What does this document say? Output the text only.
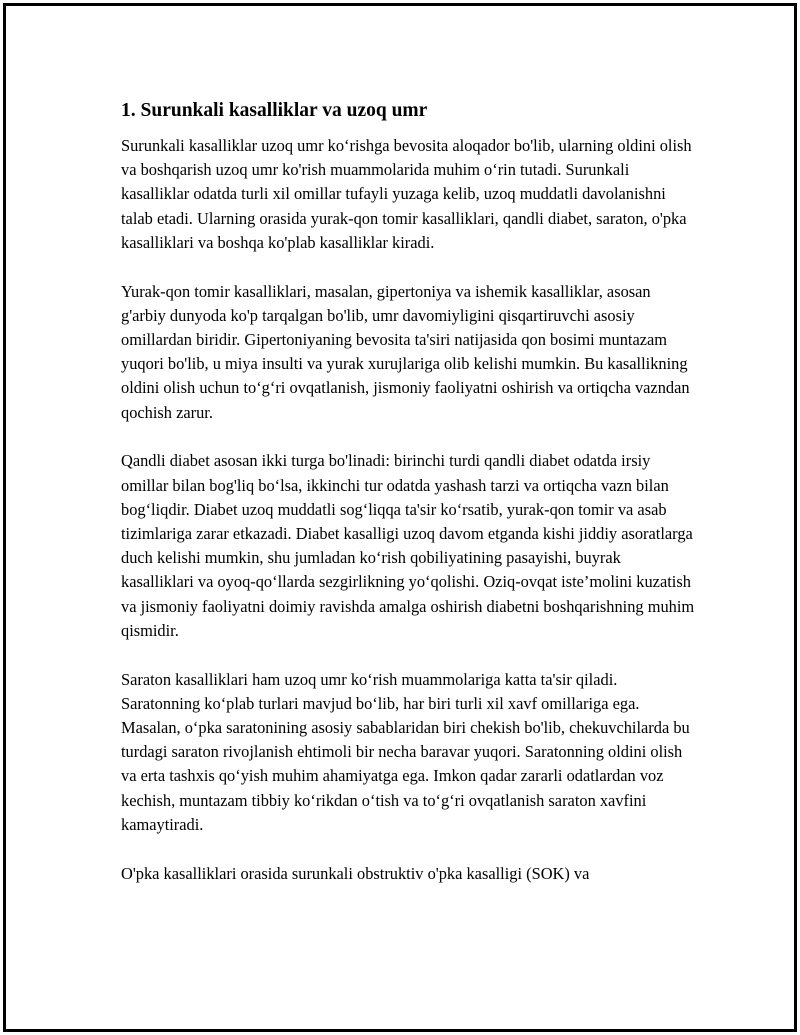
1. Surunkali kasalliklar va uzoq umr

Surunkali kasalliklar uzoq umr ko‘rishga bevosita aloqador bo'lib, ularning oldini olish va boshqarish uzoq umr ko'rish muammolarida muhim o‘rin tutadi. Surunkali kasalliklar odatda turli xil omillar tufayli yuzaga kelib, uzoq muddatli davolanishni talab etadi. Ularning orasida yurak-qon tomir kasalliklari, qandli diabet, saraton, o'pka kasalliklari va boshqa ko'plab kasalliklar kiradi.

Yurak-qon tomir kasalliklari, masalan, gipertoniya va ishemik kasalliklar, asosan g'arbiy dunyoda ko'p tarqalgan bo'lib, umr davomiyligini qisqartiruvchi asosiy omillardan biridir. Gipertoniyaning bevosita ta'siri natijasida qon bosimi muntazam yuqori bo'lib, u miya insulti va yurak xurujlariga olib kelishi mumkin. Bu kasallikning oldini olish uchun to‘g‘ri ovqatlanish, jismoniy faoliyatni oshirish va ortiqcha vazndan qochish zarur.

Qandli diabet asosan ikki turga bo'linadi: birinchi turdi qandli diabet odatda irsiy omillar bilan bog'liq bo‘lsa, ikkinchi tur odatda yashash tarzi va ortiqcha vazn bilan bog‘liqdir. Diabet uzoq muddatli sog‘liqqa ta'sir ko‘rsatib, yurak-qon tomir va asab tizimlariga zarar etkazadi. Diabet kasalligi uzoq davom etganda kishi jiddiy asoratlarga duch kelishi mumkin, shu jumladan ko‘rish qobiliyatining pasayishi, buyrak kasalliklari va oyoq-qo‘llarda sezgirlikning yo‘qolishi. Oziq-ovqat iste’molini kuzatish va jismoniy faoliyatni doimiy ravishda amalga oshirish diabetni boshqarishning muhim qismidir.

Saraton kasalliklari ham uzoq umr ko‘rish muammolariga katta ta'sir qiladi. Saratonning ko‘plab turlari mavjud bo‘lib, har biri turli xil xavf omillariga ega. Masalan, o‘pka saratonining asosiy sabablaridan biri chekish bo'lib, chekuvchilarda bu turdagi saraton rivojlanish ehtimoli bir necha baravar yuqori. Saratonning oldini olish va erta tashxis qo‘yish muhim ahamiyatga ega. Imkon qadar zararli odatlardan voz kechish, muntazam tibbiy ko‘rikdan o‘tish va to‘g‘ri ovqatlanish saraton xavfini kamaytiradi.

O'pka kasalliklari orasida surunkali obstruktiv o'pka kasalligi (SOK) va
